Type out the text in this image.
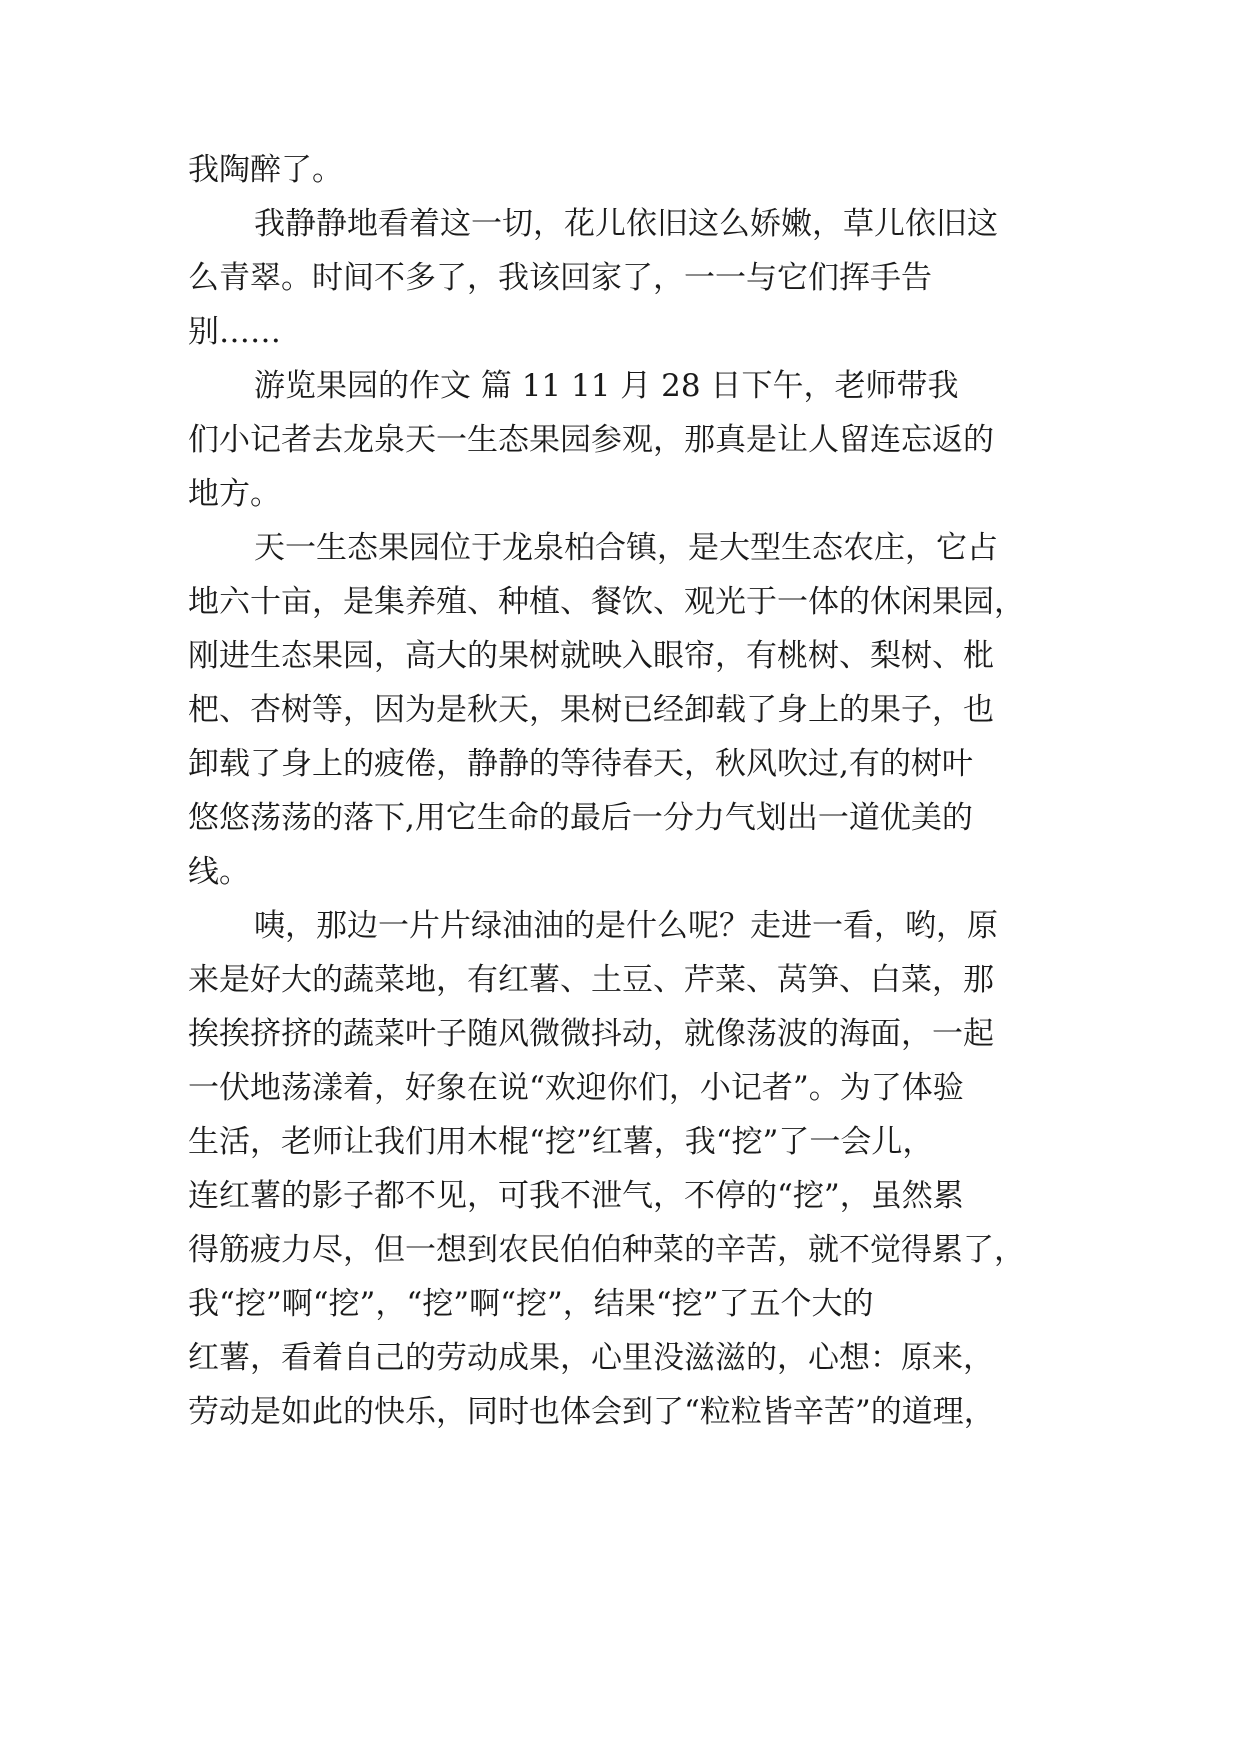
我陶醉了。
我静静地看着这一切，花儿依旧这么娇嫩，草儿依旧这
么青翠。时间不多了，我该回家了，一一与它们挥手告
别……
游览果园的作文 篇 11 11 月 28 日下午，老师带我
们小记者去龙泉天一生态果园参观，那真是让人留连忘返的
地方。
天一生态果园位于龙泉柏合镇，是大型生态农庄，它占
地六十亩，是集养殖、种植、餐饮、观光于一体的休闲果园，
刚进生态果园，高大的果树就映入眼帘，有桃树、梨树、枇
杷、杏树等，因为是秋天，果树已经卸载了身上的果子，也
卸载了身上的疲倦，静静的等待春天，秋风吹过,有的树叶
悠悠荡荡的落下,用它生命的最后一分力气划出一道优美的
线。
咦，那边一片片绿油油的是什么呢？走进一看，哟，原
来是好大的蔬菜地，有红薯、土豆、芹菜、莴笋、白菜，那
挨挨挤挤的蔬菜叶子随风微微抖动，就像荡波的海面，一起
一伏地荡漾着，好象在说“欢迎你们，小记者”。为了体验
生活，老师让我们用木棍“挖”红薯，我“挖”了一会儿，
连红薯的影子都不见，可我不泄气，不停的“挖”，虽然累
得筋疲力尽，但一想到农民伯伯种菜的辛苦，就不觉得累了，
我“挖”啊“挖”，“挖”啊“挖”，结果“挖”了五个大的
红薯，看着自己的劳动成果，心里没滋滋的，心想：原来，
劳动是如此的快乐，同时也体会到了“粒粒皆辛苦”的道理，
